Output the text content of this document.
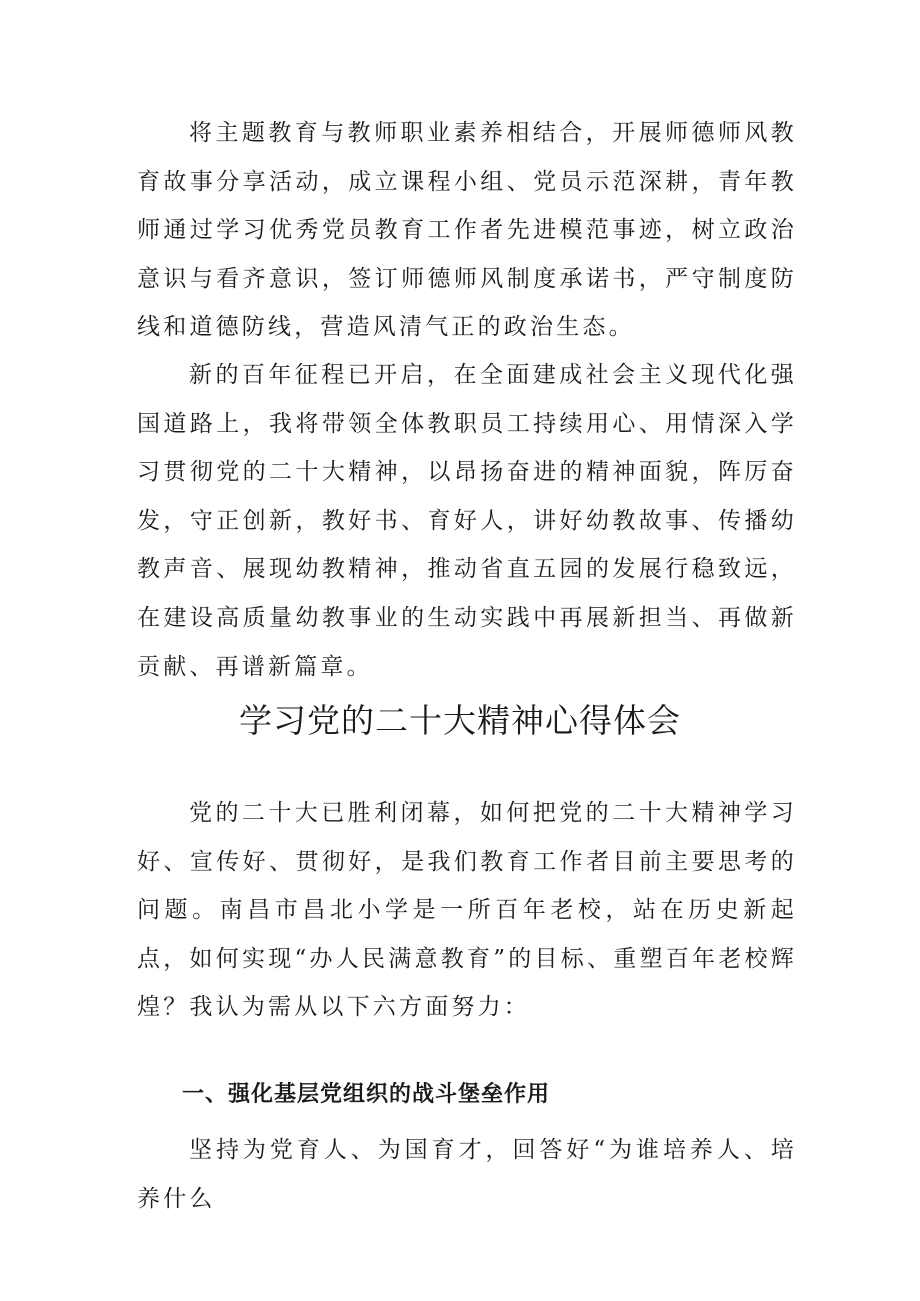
将主题教育与教师职业素养相结合，开展师德师风教育故事分享活动，成立课程小组、党员示范深耕，青年教师通过学习优秀党员教育工作者先进模范事迹，树立政治意识与看齐意识，签订师德师风制度承诺书，严守制度防线和道德防线，营造风清气正的政治生态。

新的百年征程已开启，在全面建成社会主义现代化强国道路上，我将带领全体教职员工持续用心、用情深入学习贯彻党的二十大精神，以昂扬奋进的精神面貌，阵厉奋发，守正创新，教好书、育好人，讲好幼教故事、传播幼教声音、展现幼教精神，推动省直五园的发展行稳致远，在建设高质量幼教事业的生动实践中再展新担当、再做新贡献、再谱新篇章。

学习党的二十大精神心得体会

党的二十大已胜利闭幕，如何把党的二十大精神学习好、宣传好、贯彻好，是我们教育工作者目前主要思考的问题。南昌市昌北小学是一所百年老校，站在历史新起点，如何实现“办人民满意教育”的目标、重塑百年老校辉煌？我认为需从以下六方面努力：

一、强化基层党组织的战斗堡垒作用

坚持为党育人、为国育才，回答好“为谁培养人、培养什么
